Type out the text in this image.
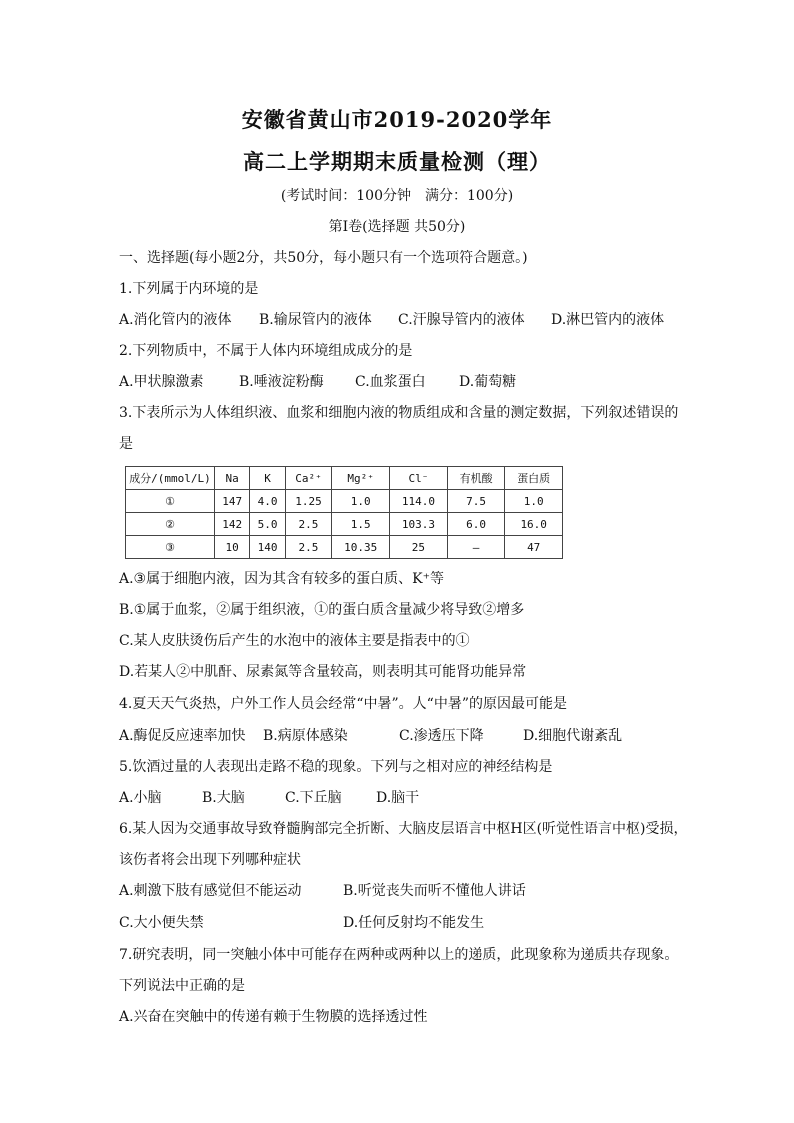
安徽省黄山市2019-2020学年
高二上学期期末质量检测（理）
(考试时间：100分钟　满分：100分)
第Ⅰ卷(选择题 共50分)
一、选择题(每小题2分，共50分，每小题只有一个选项符合题意。)
1.下列属于内环境的是
A.消化管内的液体 B.输尿管内的液体 C.汗腺导管内的液体 D.淋巴管内的液体
2.下列物质中，不属于人体内环境组成成分的是
A.甲状腺激素	B.唾液淀粉酶 C.血浆蛋白 D.葡萄糖
3.下表所示为人体组织液、血浆和细胞内液的物质组成和含量的测定数据，下列叙述错误的
是
成分/(mmol/L)	Na	K	Ca²⁺	Mg²⁺	Cl⁻	有机酸	蛋白质
①	147	4.0	1.25	1.0	114.0	7.5	1.0
②	142	5.0	2.5	1.5	103.3	6.0	16.0
③	10	140	2.5	10.35	25	—	47
A.③属于细胞内液，因为其含有较多的蛋白质、K⁺等
B.①属于血浆，②属于组织液，①的蛋白质含量减少将导致②增多
C.某人皮肤烫伤后产生的水泡中的液体主要是指表中的①
D.若某人②中肌酐、尿素氮等含量较高，则表明其可能肾功能异常
4.夏天天气炎热，户外工作人员会经常“中暑”。人“中暑”的原因最可能是
A.酶促反应速率加快 B.病原体感染	C.渗透压下降	D.细胞代谢紊乱
5.饮酒过量的人表现出走路不稳的现象。下列与之相对应的神经结构是
A.小脑	B.大脑	C.下丘脑 D.脑干
6.某人因为交通事故导致脊髓胸部完全折断、大脑皮层语言中枢H区(听觉性语言中枢)受损，
该伤者将会出现下列哪种症状
A.刺激下肢有感觉但不能运动	B.听觉丧失而听不懂他人讲话
C.大小便失禁	D.任何反射均不能发生
7.研究表明，同一突触小体中可能存在两种或两种以上的递质，此现象称为递质共存现象。
下列说法中正确的是
A.兴奋在突触中的传递有赖于生物膜的选择透过性
